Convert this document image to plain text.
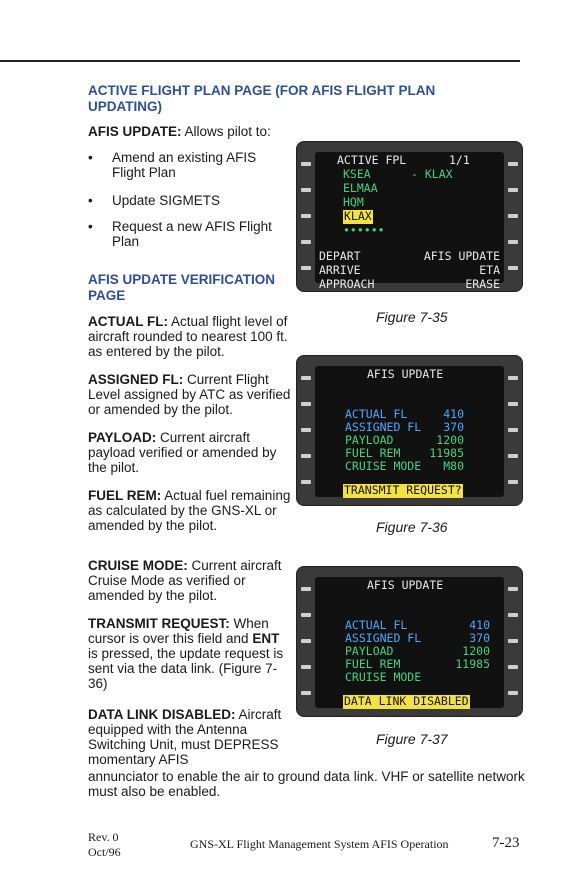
ACTIVE FLIGHT PLAN PAGE (FOR AFIS FLIGHT PLAN UPDATING)
AFIS UPDATE: Allows pilot to:
• Amend an existing AFIS Flight Plan
• Update SIGMETS
• Request a new AFIS Flight Plan
AFIS UPDATE VERIFICATION PAGE
ACTUAL FL: Actual flight level of aircraft rounded to nearest 100 ft. as entered by the pilot.
ASSIGNED FL: Current Flight Level assigned by ATC as verified or amended by the pilot.
PAYLOAD: Current aircraft payload verified or amended by the pilot.
FUEL REM: Actual fuel remaining as calculated by the GNS-XL or amended by the pilot.
CRUISE MODE: Current aircraft Cruise Mode as verified or amended by the pilot.
TRANSMIT REQUEST: When cursor is over this field and ENT is pressed, the update request is sent via the data link. (Figure 7-36)
DATA LINK DISABLED: Aircraft equipped with the Antenna Switching Unit, must DEPRESS momentary AFIS
annunciator to enable the air to ground data link. VHF or satellite network must also be enabled.
ACTIVE FPL	1/1
KSEA	- KLAX
ELMAA
HQM
KLAX
••••••
DEPART	AFIS UPDATE
ARRIVE	ETA
APPROACH	ERASE
Figure 7-35
AFIS UPDATE
ACTUAL FL	410
ASSIGNED FL 370
PAYLOAD	1200
FUEL REM	11985
CRUISE MODE M80
TRANSMIT REQUEST?
Figure 7-36
AFIS UPDATE
ACTUAL FL	410
ASSIGNED FL	370
PAYLOAD	1200
FUEL REM	11985
CRUISE MODE
DATA LINK DISABLED
Figure 7-37
Rev. 0
Oct/96
GNS-XL Flight Management System AFIS Operation	7-23
